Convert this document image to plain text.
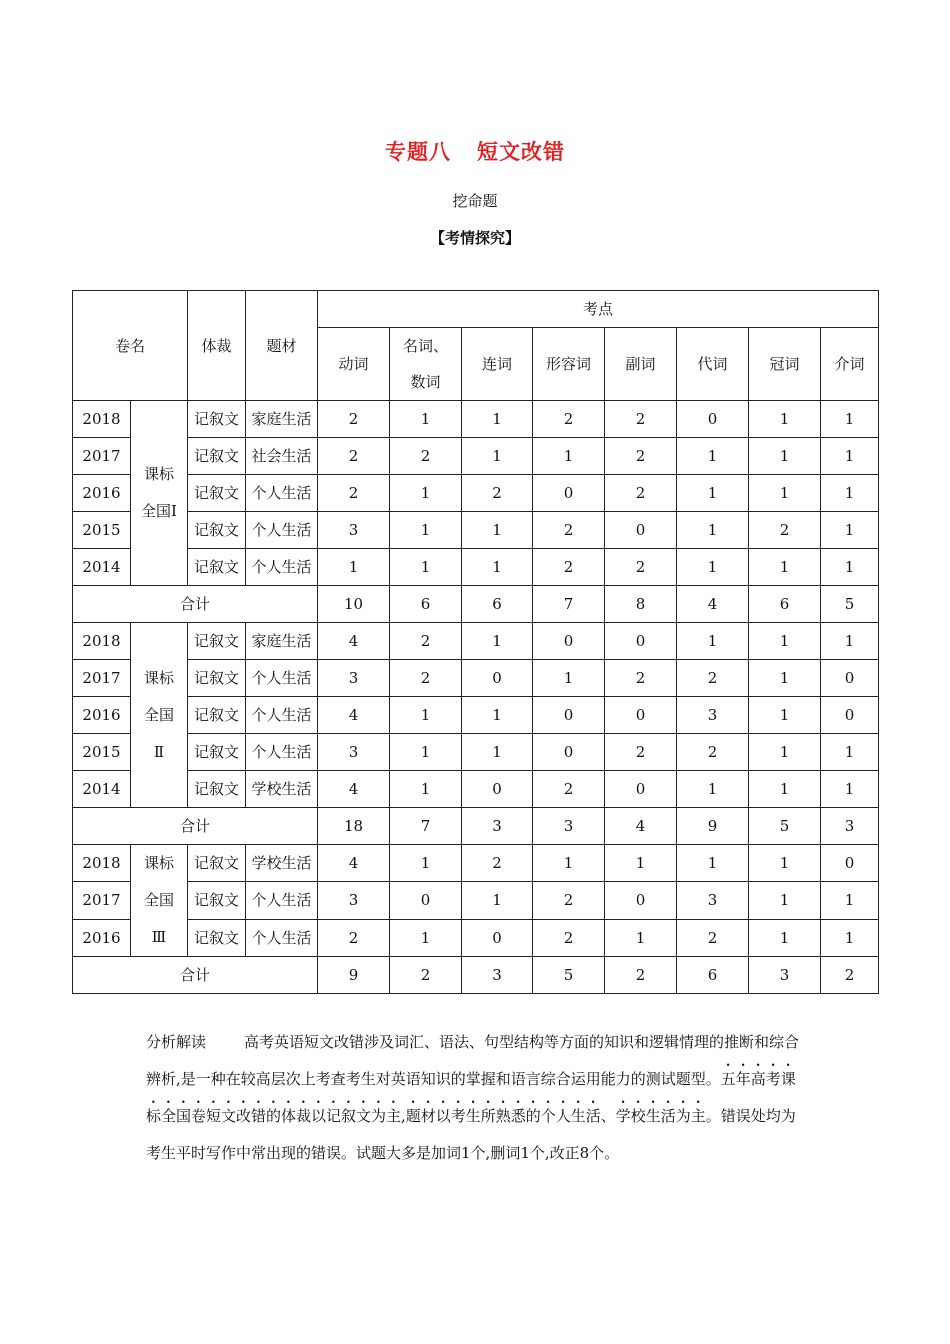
专题八 短文改错
挖命题
【考情探究】
卷名		体裁	题材	考点							
				动词	名词、数词	连词	形容词	副词	代词	冠词	介词
2018	课标全国Ⅰ	记叙文	家庭生活	2	1	1	2	2	0	1	1
2017		记叙文	社会生活	2	2	1	1	2	1	1	1
2016		记叙文	个人生活	2	1	2	0	2	1	1	1
2015		记叙文	个人生活	3	1	1	2	0	1	2	1
2014		记叙文	个人生活	1	1	1	2	2	1	1	1
合计				10	6	6	7	8	4	6	5
2018	课标全国Ⅱ	记叙文	家庭生活	4	2	1	0	0	1	1	1
2017		记叙文	个人生活	3	2	0	1	2	2	1	0
2016		记叙文	个人生活	4	1	1	0	0	3	1	0
2015		记叙文	个人生活	3	1	1	0	2	2	1	1
2014		记叙文	学校生活	4	1	0	2	0	1	1	1
合计				18	7	3	3	4	9	5	3
2018	课标全国Ⅲ	记叙文	学校生活	4	1	2	1	1	1	1	0
2017		记叙文	个人生活	3	0	1	2	0	3	1	1
2016		记叙文	个人生活	2	1	0	2	1	2	1	1
合计				9	2	3	5	2	6	3	2
分析解读	高考英语短文改错涉及词汇、语法、句型结构等方面的知识和逻辑情理的推断和综合辨析,是一种在较高层次上考查考生对英语知识的掌握和语言综合运用能力的测试题型。五年高考课标全国卷短文改错的体裁以记叙文为主,题材以考生所熟悉的个人生活、学校生活为主。错误处均为考生平时写作中常出现的错误。试题大多是加词1个,删词1个,改正8个。
